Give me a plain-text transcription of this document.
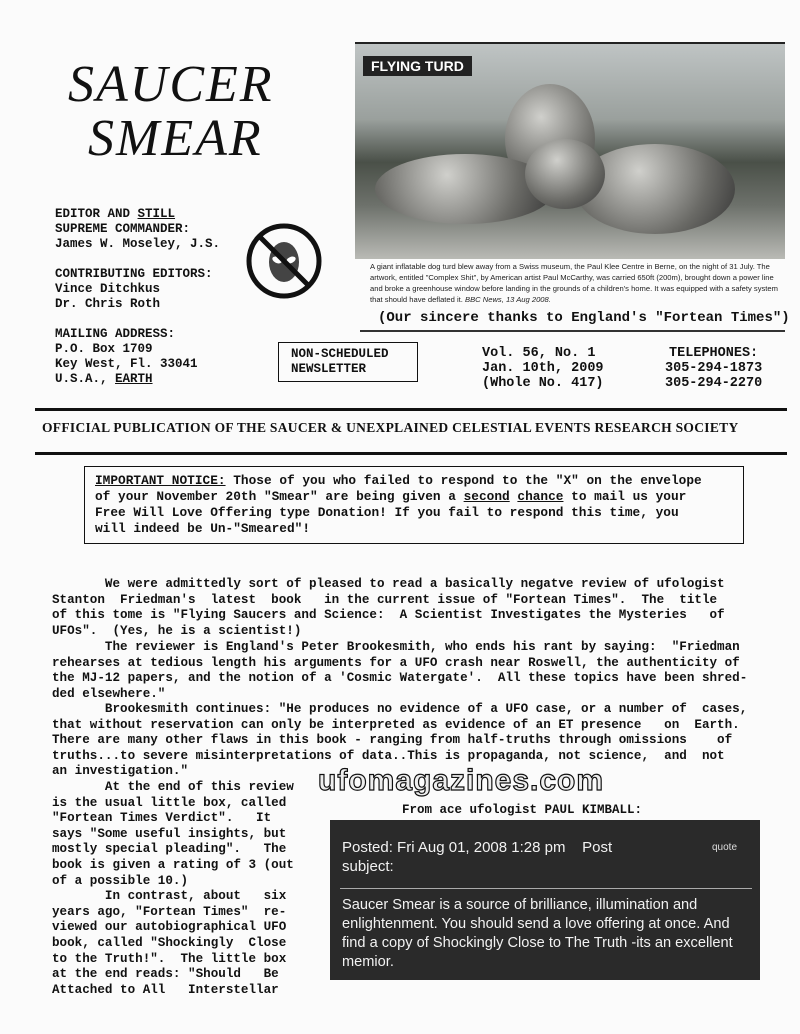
SAUCER
SMEAR
EDITOR AND STILL
SUPREME COMMANDER:
James W. Moseley, J.S.
CONTRIBUTING EDITORS:
Vince Ditchkus
Dr. Chris Roth
MAILING ADDRESS:
P.O. Box 1709
Key West, Fl. 33041
U.S.A., EARTH
FLYING TURD
A giant inflatable dog turd blew away from a Swiss museum, the Paul Klee Centre in Berne, on the night of 31 July. The artwork, entitled "Complex Shit", by American artist Paul McCarthy, was carried 650ft (200m), brought down a power line and broke a greenhouse window before landing in the grounds of a children's home. It was equipped with a safety system that should have deflated it. BBC News, 13 Aug 2008.
(Our sincere thanks to England's "Fortean Times")
NON-SCHEDULED
NEWSLETTER
Vol. 56, No. 1
Jan. 10th, 2009
(Whole No. 417)
TELEPHONES:
305-294-1873
305-294-2270
OFFICIAL PUBLICATION OF THE SAUCER & UNEXPLAINED CELESTIAL EVENTS RESEARCH SOCIETY
IMPORTANT NOTICE: Those of you who failed to respond to the "X" on the envelope
of your November 20th "Smear" are being given a second chance to mail us your
Free Will Love Offering type Donation! If you fail to respond this time, you
will indeed be Un-"Smeared"!
We were admittedly sort of pleased to read a basically negatve review of ufologist
Stanton  Friedman's  latest  book   in the current issue of "Fortean Times".  The  title
of this tome is "Flying Saucers and Science:  A Scientist Investigates the Mysteries   of
UFOs".  (Yes, he is a scientist!)
The reviewer is England's Peter Brookesmith, who ends his rant by saying:  "Friedman
rehearses at tedious length his arguments for a UFO crash near Roswell, the authenticity of
the MJ-12 papers, and the notion of a 'Cosmic Watergate'.  All these topics have been shred-
ded elsewhere."
Brookesmith continues: "He produces no evidence of a UFO case, or a number of  cases,
that without reservation can only be interpreted as evidence of an ET presence   on  Earth.
There are many other flaws in this book - ranging from half-truths through omissions    of
truths...to severe misinterpretations of data..This is propaganda, not science,  and  not
an investigation."
At the end of this review
is the usual little box, called
"Fortean Times Verdict".   It
says "Some useful insights, but
mostly special pleading".   The
book is given a rating of 3 (out
of a possible 10.)
In contrast, about   six
years ago, "Fortean Times"  re-
viewed our autobiographical UFO
book, called "Shockingly  Close
to the Truth!".  The little box
at the end reads: "Should   Be
Attached to All   Interstellar
ufomagazines.com
From ace ufologist PAUL KIMBALL:
Posted: Fri Aug 01, 2008 1:28 pm    Post
subject:
quote
Saucer Smear is a source of brilliance, illumination and enlightenment. You should send a love offering at once. And find a copy of Shockingly Close to The Truth -its an excellent memior.
